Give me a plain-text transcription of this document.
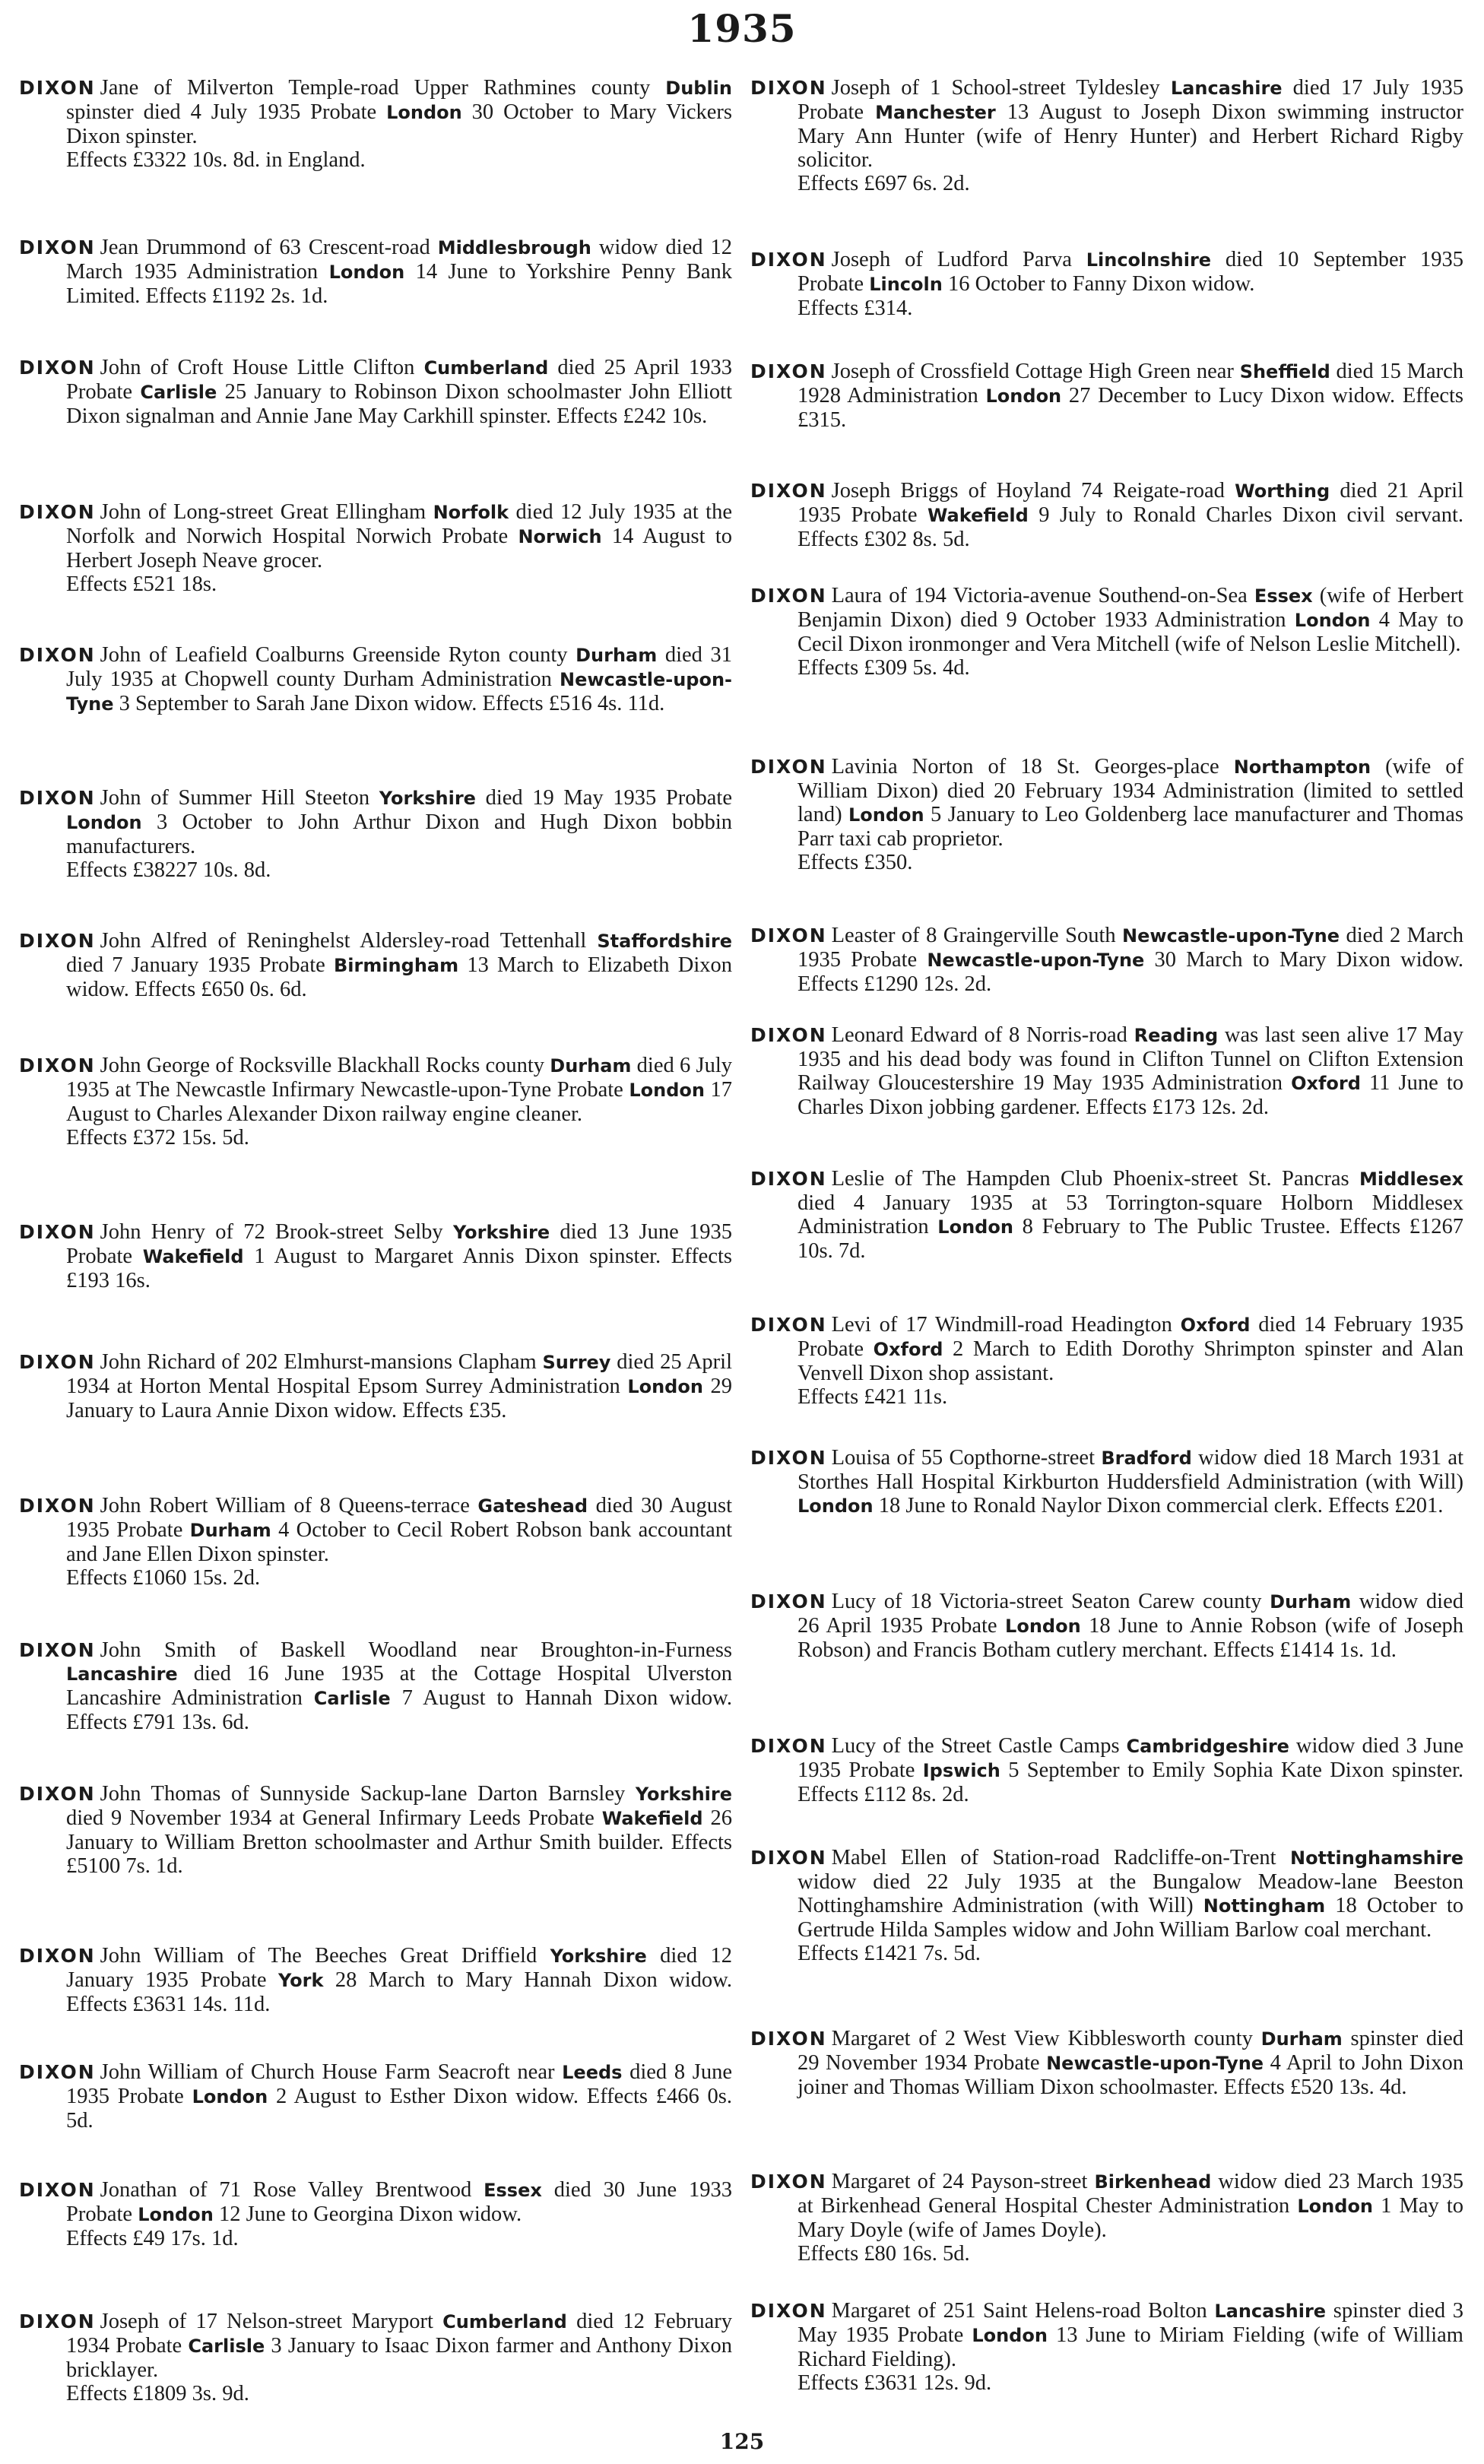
1935

DIXON Jane of Milverton Temple-road Upper Rathmines county Dublin spinster died 4 July 1935 Probate London 30 October to Mary Vickers Dixon spinster.
Effects £3322 10s. 8d. in England.

DIXON Jean Drummond of 63 Crescent-road Middlesbrough widow died 12 March 1935 Administration London 14 June to Yorkshire Penny Bank Limited. Effects £1192 2s. 1d.

DIXON John of Croft House Little Clifton Cumberland died 25 April 1933 Probate Carlisle 25 January to Robinson Dixon schoolmaster John Elliott Dixon signalman and Annie Jane May Carkhill spinster. Effects £242 10s.

DIXON John of Long-street Great Ellingham Norfolk died 12 July 1935 at the Norfolk and Norwich Hospital Norwich Probate Norwich 14 August to Herbert Joseph Neave grocer.
Effects £521 18s.

DIXON John of Leafield Coalburns Greenside Ryton county Durham died 31 July 1935 at Chopwell county Durham Administration Newcastle-upon-Tyne 3 September to Sarah Jane Dixon widow. Effects £516 4s. 11d.

DIXON John of Summer Hill Steeton Yorkshire died 19 May 1935 Probate London 3 October to John Arthur Dixon and Hugh Dixon bobbin manufacturers.
Effects £38227 10s. 8d.

DIXON John Alfred of Reninghelst Aldersley-road Tettenhall Staffordshire died 7 January 1935 Probate Birmingham 13 March to Elizabeth Dixon widow. Effects £650 0s. 6d.

DIXON John George of Rocksville Blackhall Rocks county Durham died 6 July 1935 at The Newcastle Infirmary Newcastle-upon-Tyne Probate London 17 August to Charles Alexander Dixon railway engine cleaner.
Effects £372 15s. 5d.

DIXON John Henry of 72 Brook-street Selby Yorkshire died 13 June 1935 Probate Wakefield 1 August to Margaret Annis Dixon spinster. Effects £193 16s.

DIXON John Richard of 202 Elmhurst-mansions Clapham Surrey died 25 April 1934 at Horton Mental Hospital Epsom Surrey Administration London 29 January to Laura Annie Dixon widow. Effects £35.

DIXON John Robert William of 8 Queens-terrace Gateshead died 30 August 1935 Probate Durham 4 October to Cecil Robert Robson bank accountant and Jane Ellen Dixon spinster.
Effects £1060 15s. 2d.

DIXON John Smith of Baskell Woodland near Broughton-in-Furness Lancashire died 16 June 1935 at the Cottage Hospital Ulverston Lancashire Administration Carlisle 7 August to Hannah Dixon widow. Effects £791 13s. 6d.

DIXON John Thomas of Sunnyside Sackup-lane Darton Barnsley Yorkshire died 9 November 1934 at General Infirmary Leeds Probate Wakefield 26 January to William Bretton schoolmaster and Arthur Smith builder. Effects £5100 7s. 1d.

DIXON John William of The Beeches Great Driffield Yorkshire died 12 January 1935 Probate York 28 March to Mary Hannah Dixon widow. Effects £3631 14s. 11d.

DIXON John William of Church House Farm Seacroft near Leeds died 8 June 1935 Probate London 2 August to Esther Dixon widow. Effects £466 0s. 5d.

DIXON Jonathan of 71 Rose Valley Brentwood Essex died 30 June 1933 Probate London 12 June to Georgina Dixon widow.
Effects £49 17s. 1d.

DIXON Joseph of 17 Nelson-street Maryport Cumberland died 12 February 1934 Probate Carlisle 3 January to Isaac Dixon farmer and Anthony Dixon bricklayer.
Effects £1809 3s. 9d.

DIXON Joseph of 1 School-street Tyldesley Lancashire died 17 July 1935 Probate Manchester 13 August to Joseph Dixon swimming instructor Mary Ann Hunter (wife of Henry Hunter) and Herbert Richard Rigby solicitor.
Effects £697 6s. 2d.

DIXON Joseph of Ludford Parva Lincolnshire died 10 September 1935 Probate Lincoln 16 October to Fanny Dixon widow.
Effects £314.

DIXON Joseph of Crossfield Cottage High Green near Sheffield died 15 March 1928 Administration London 27 December to Lucy Dixon widow. Effects £315.

DIXON Joseph Briggs of Hoyland 74 Reigate-road Worthing died 21 April 1935 Probate Wakefield 9 July to Ronald Charles Dixon civil servant. Effects £302 8s. 5d.

DIXON Laura of 194 Victoria-avenue Southend-on-Sea Essex (wife of Herbert Benjamin Dixon) died 9 October 1933 Administration London 4 May to Cecil Dixon ironmonger and Vera Mitchell (wife of Nelson Leslie Mitchell).
Effects £309 5s. 4d.

DIXON Lavinia Norton of 18 St. Georges-place Northampton (wife of William Dixon) died 20 February 1934 Administration (limited to settled land) London 5 January to Leo Goldenberg lace manufacturer and Thomas Parr taxi cab proprietor.
Effects £350.

DIXON Leaster of 8 Graingerville South Newcastle-upon-Tyne died 2 March 1935 Probate Newcastle-upon-Tyne 30 March to Mary Dixon widow. Effects £1290 12s. 2d.

DIXON Leonard Edward of 8 Norris-road Reading was last seen alive 17 May 1935 and his dead body was found in Clifton Tunnel on Clifton Extension Railway Gloucestershire 19 May 1935 Administration Oxford 11 June to Charles Dixon jobbing gardener. Effects £173 12s. 2d.

DIXON Leslie of The Hampden Club Phoenix-street St. Pancras Middlesex died 4 January 1935 at 53 Torrington-square Holborn Middlesex Administration London 8 February to The Public Trustee. Effects £1267 10s. 7d.

DIXON Levi of 17 Windmill-road Headington Oxford died 14 February 1935 Probate Oxford 2 March to Edith Dorothy Shrimpton spinster and Alan Venvell Dixon shop assistant.
Effects £421 11s.

DIXON Louisa of 55 Copthorne-street Bradford widow died 18 March 1931 at Storthes Hall Hospital Kirkburton Huddersfield Administration (with Will) London 18 June to Ronald Naylor Dixon commercial clerk. Effects £201.

DIXON Lucy of 18 Victoria-street Seaton Carew county Durham widow died 26 April 1935 Probate London 18 June to Annie Robson (wife of Joseph Robson) and Francis Botham cutlery merchant. Effects £1414 1s. 1d.

DIXON Lucy of the Street Castle Camps Cambridgeshire widow died 3 June 1935 Probate Ipswich 5 September to Emily Sophia Kate Dixon spinster. Effects £112 8s. 2d.

DIXON Mabel Ellen of Station-road Radcliffe-on-Trent Nottinghamshire widow died 22 July 1935 at the Bungalow Meadow-lane Beeston Nottinghamshire Administration (with Will) Nottingham 18 October to Gertrude Hilda Samples widow and John William Barlow coal merchant.
Effects £1421 7s. 5d.

DIXON Margaret of 2 West View Kibblesworth county Durham spinster died 29 November 1934 Probate Newcastle-upon-Tyne 4 April to John Dixon joiner and Thomas William Dixon schoolmaster. Effects £520 13s. 4d.

DIXON Margaret of 24 Payson-street Birkenhead widow died 23 March 1935 at Birkenhead General Hospital Chester Administration London 1 May to Mary Doyle (wife of James Doyle).
Effects £80 16s. 5d.

DIXON Margaret of 251 Saint Helens-road Bolton Lancashire spinster died 3 May 1935 Probate London 13 June to Miriam Fielding (wife of William Richard Fielding).
Effects £3631 12s. 9d.

125
